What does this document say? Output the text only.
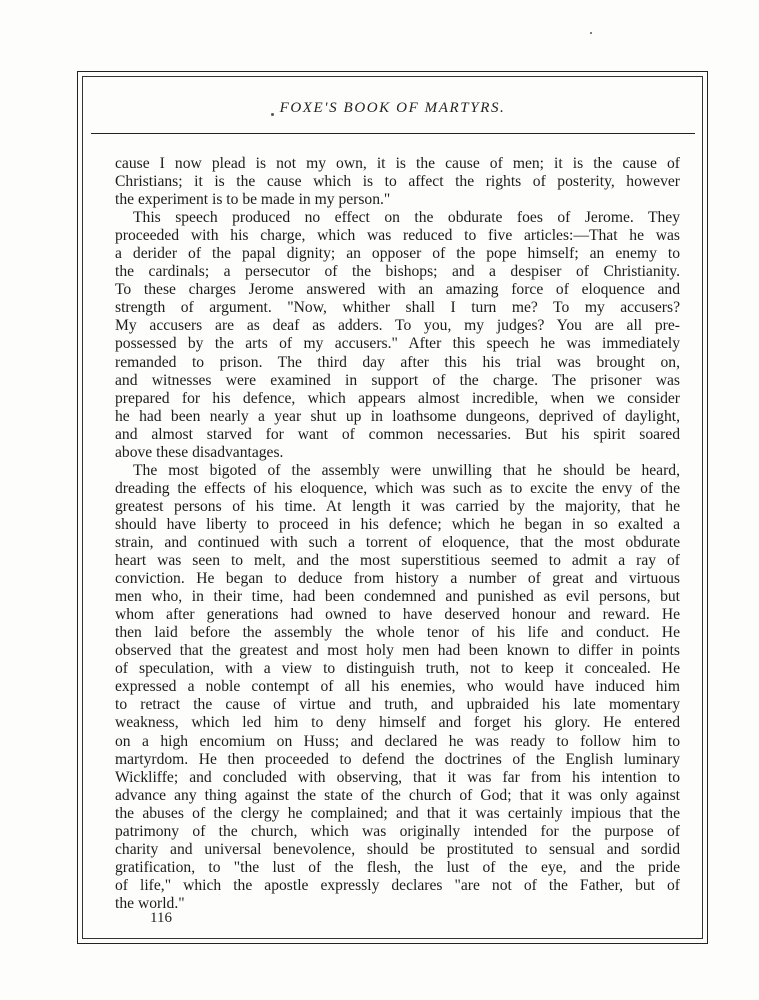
FOXE'S BOOK OF MARTYRS.
cause I now plead is not my own, it is the cause of men; it is the cause of
Christians; it is the cause which is to affect the rights of posterity, however
the experiment is to be made in my person."
This speech produced no effect on the obdurate foes of Jerome. They
proceeded with his charge, which was reduced to five articles:—That he was
a derider of the papal dignity; an opposer of the pope himself; an enemy to
the cardinals; a persecutor of the bishops; and a despiser of Christianity.
To these charges Jerome answered with an amazing force of eloquence and
strength of argument. "Now, whither shall I turn me? To my accusers?
My accusers are as deaf as adders. To you, my judges? You are all pre-
possessed by the arts of my accusers." After this speech he was immediately
remanded to prison. The third day after this his trial was brought on,
and witnesses were examined in support of the charge. The prisoner was
prepared for his defence, which appears almost incredible, when we consider
he had been nearly a year shut up in loathsome dungeons, deprived of daylight,
and almost starved for want of common necessaries. But his spirit soared
above these disadvantages.
The most bigoted of the assembly were unwilling that he should be heard,
dreading the effects of his eloquence, which was such as to excite the envy of the
greatest persons of his time. At length it was carried by the majority, that he
should have liberty to proceed in his defence; which he began in so exalted a
strain, and continued with such a torrent of eloquence, that the most obdurate
heart was seen to melt, and the most superstitious seemed to admit a ray of
conviction. He began to deduce from history a number of great and virtuous
men who, in their time, had been condemned and punished as evil persons, but
whom after generations had owned to have deserved honour and reward. He
then laid before the assembly the whole tenor of his life and conduct. He
observed that the greatest and most holy men had been known to differ in points
of speculation, with a view to distinguish truth, not to keep it concealed. He
expressed a noble contempt of all his enemies, who would have induced him
to retract the cause of virtue and truth, and upbraided his late momentary
weakness, which led him to deny himself and forget his glory. He entered
on a high encomium on Huss; and declared he was ready to follow him to
martyrdom. He then proceeded to defend the doctrines of the English luminary
Wickliffe; and concluded with observing, that it was far from his intention to
advance any thing against the state of the church of God; that it was only against
the abuses of the clergy he complained; and that it was certainly impious that the
patrimony of the church, which was originally intended for the purpose of
charity and universal benevolence, should be prostituted to sensual and sordid
gratification, to "the lust of the flesh, the lust of the eye, and the pride
of life," which the apostle expressly declares "are not of the Father, but of
the world."
116
